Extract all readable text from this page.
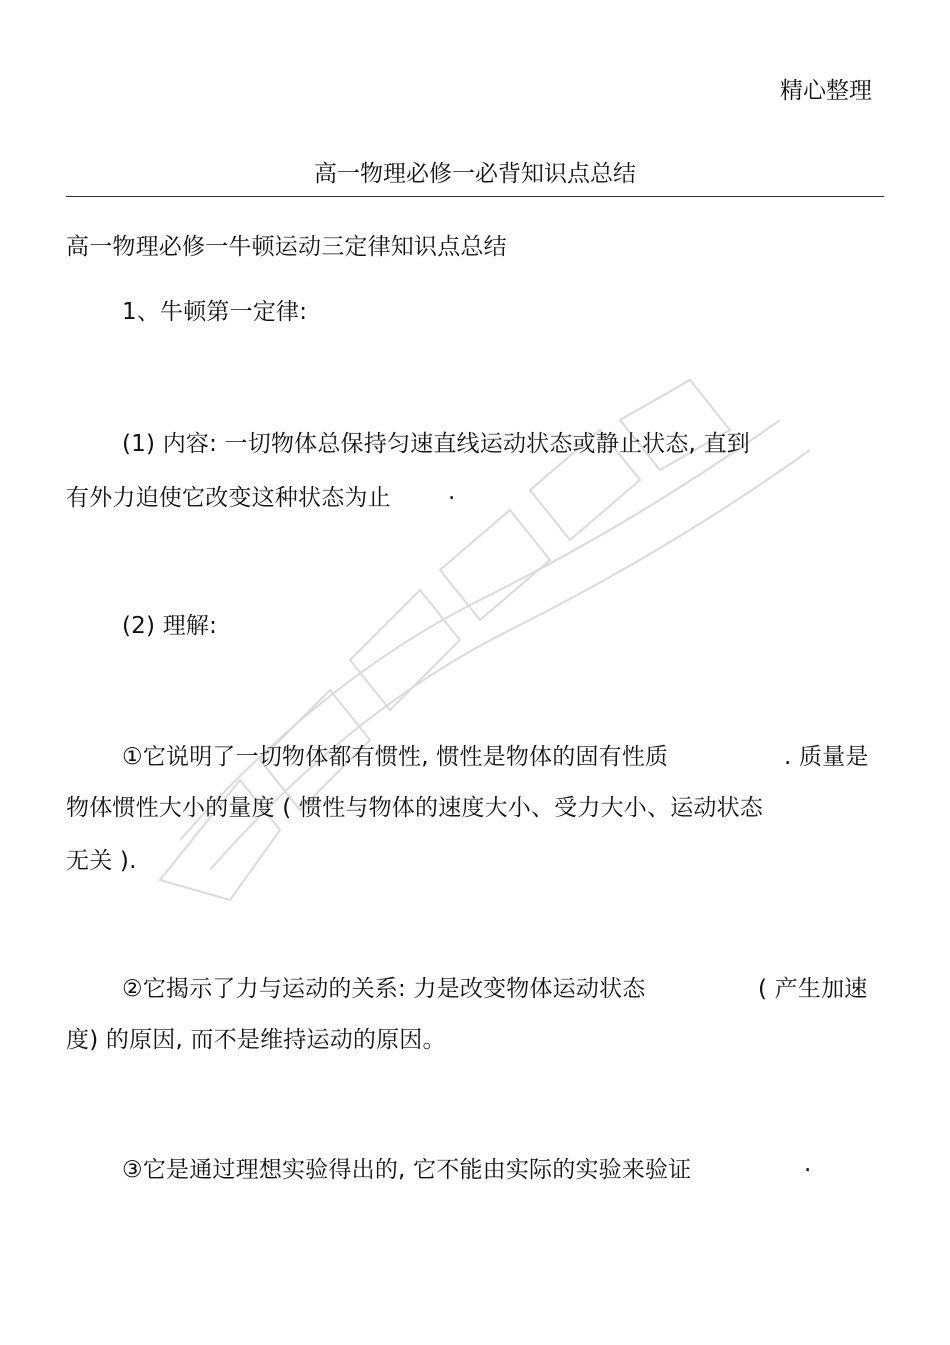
精心整理
高一物理必修一必背知识点总结
高一物理必修一牛顿运动三定律知识点总结
1、牛顿第一定律:
(1) 内容: 一切物体总保持匀速直线运动状态或静止状态, 直到
有外力迫使它改变这种状态为止 .
(2) 理解:
①它说明了一切物体都有惯性, 惯性是物体的固有性质	. 质量是
物体惯性大小的量度 ( 惯性与物体的速度大小、受力大小、运动状态
无关 ).
②它揭示了力与运动的关系: 力是改变物体运动状态	( 产生加速
度) 的原因, 而不是维持运动的原因。
③它是通过理想实验得出的, 它不能由实际的实验来验证	.
